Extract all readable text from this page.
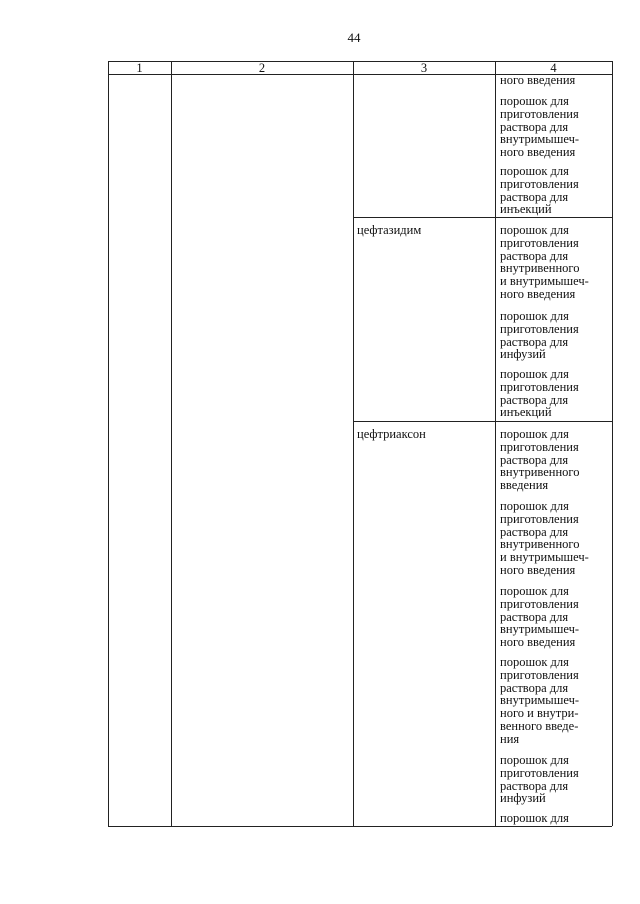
44
1	2	3	4
ного введения
порошок для
приготовления
раствора для
внутримышеч-
ного введения
порошок для
приготовления
раствора для
инъекций
цефтазидим	порошок для
приготовления
раствора для
внутривенного
и внутримышеч-
ного введения
порошок для
приготовления
раствора для
инфузий
порошок для
приготовления
раствора для
инъекций
цефтриаксон	порошок для
приготовления
раствора для
внутривенного
введения
порошок для
приготовления
раствора для
внутривенного
и внутримышеч-
ного введения
порошок для
приготовления
раствора для
внутримышеч-
ного введения
порошок для
приготовления
раствора для
внутримышеч-
ного и внутри-
венного введе-
ния
порошок для
приготовления
раствора для
инфузий
порошок для
